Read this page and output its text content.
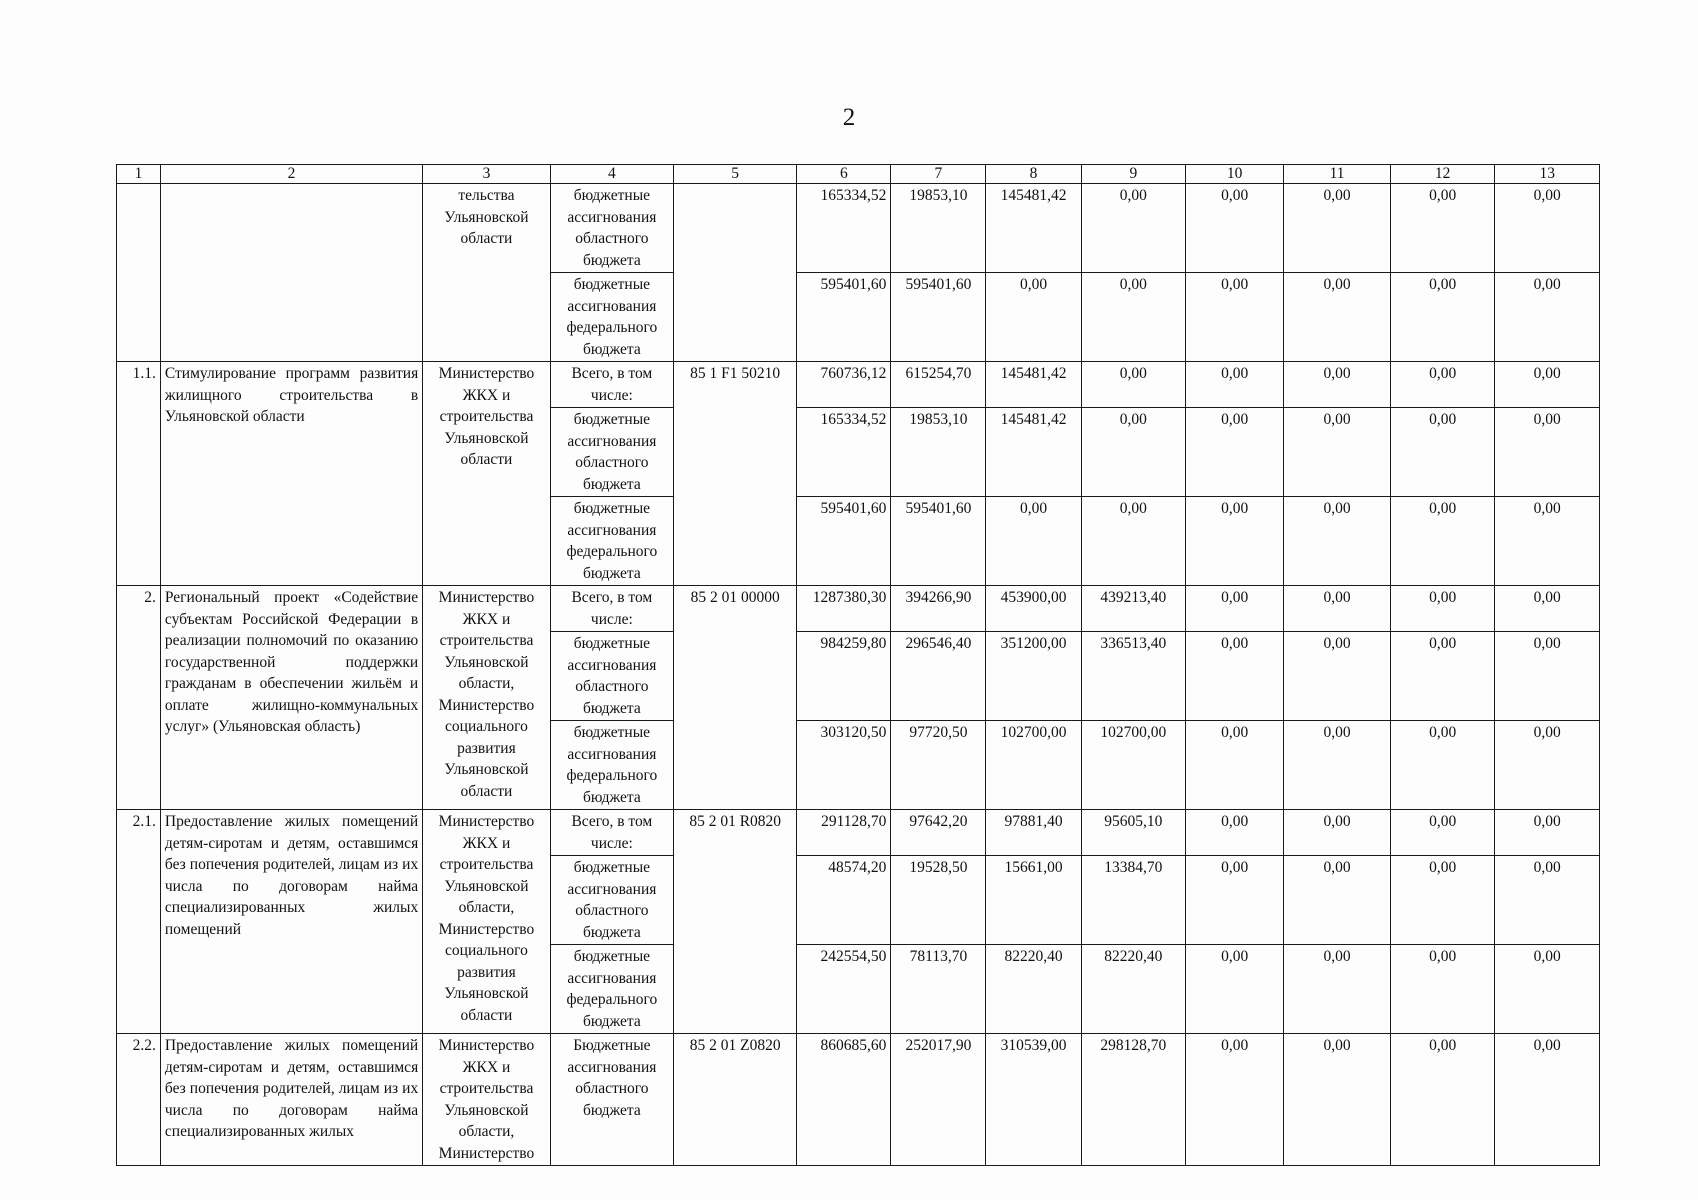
2
1	2	3	4	5	6	7	8	9	10	11	12	13
		тельства Ульяновской области	бюджетные ассигнования областного бюджета		165334,52	19853,10	145481,42	0,00	0,00	0,00	0,00	0,00
			бюджетные ассигнования федерального бюджета		595401,60	595401,60	0,00	0,00	0,00	0,00	0,00	0,00
1.1.	Стимулирование программ развития жилищного строительства в Ульяновской области	Министерство ЖКХ и строительства Ульяновской области	Всего, в том числе:	85 1 F1 50210	760736,12	615254,70	145481,42	0,00	0,00	0,00	0,00	0,00
			бюджетные ассигнования областного бюджета		165334,52	19853,10	145481,42	0,00	0,00	0,00	0,00	0,00
			бюджетные ассигнования федерального бюджета		595401,60	595401,60	0,00	0,00	0,00	0,00	0,00	0,00
2.	Региональный проект «Содействие субъектам Российской Федерации в реализации полномочий по оказанию государственной поддержки гражданам в обеспечении жильём и оплате жилищно-коммунальных услуг» (Ульяновская область)	Министерство ЖКХ и строительства Ульяновской области, Министерство социального развития Ульяновской области	Всего, в том числе:	85 2 01 00000	1287380,30	394266,90	453900,00	439213,40	0,00	0,00	0,00	0,00
			бюджетные ассигнования областного бюджета		984259,80	296546,40	351200,00	336513,40	0,00	0,00	0,00	0,00
			бюджетные ассигнования федерального бюджета		303120,50	97720,50	102700,00	102700,00	0,00	0,00	0,00	0,00
2.1.	Предоставление жилых помещений детям-сиротам и детям, оставшимся без попечения родителей, лицам из их числа по договорам найма специализированных жилых помещений	Министерство ЖКХ и строительства Ульяновской области, Министерство социального развития Ульяновской области	Всего, в том числе:	85 2 01 R0820	291128,70	97642,20	97881,40	95605,10	0,00	0,00	0,00	0,00
			бюджетные ассигнования областного бюджета		48574,20	19528,50	15661,00	13384,70	0,00	0,00	0,00	0,00
			бюджетные ассигнования федерального бюджета		242554,50	78113,70	82220,40	82220,40	0,00	0,00	0,00	0,00
2.2.	Предоставление жилых помещений детям-сиротам и детям, оставшимся без попечения родителей, лицам из их числа по договорам найма специализированных жилых	Министерство ЖКХ и строительства Ульяновской области, Министерство	Бюджетные ассигнования областного бюджета	85 2 01 Z0820	860685,60	252017,90	310539,00	298128,70	0,00	0,00	0,00	0,00
